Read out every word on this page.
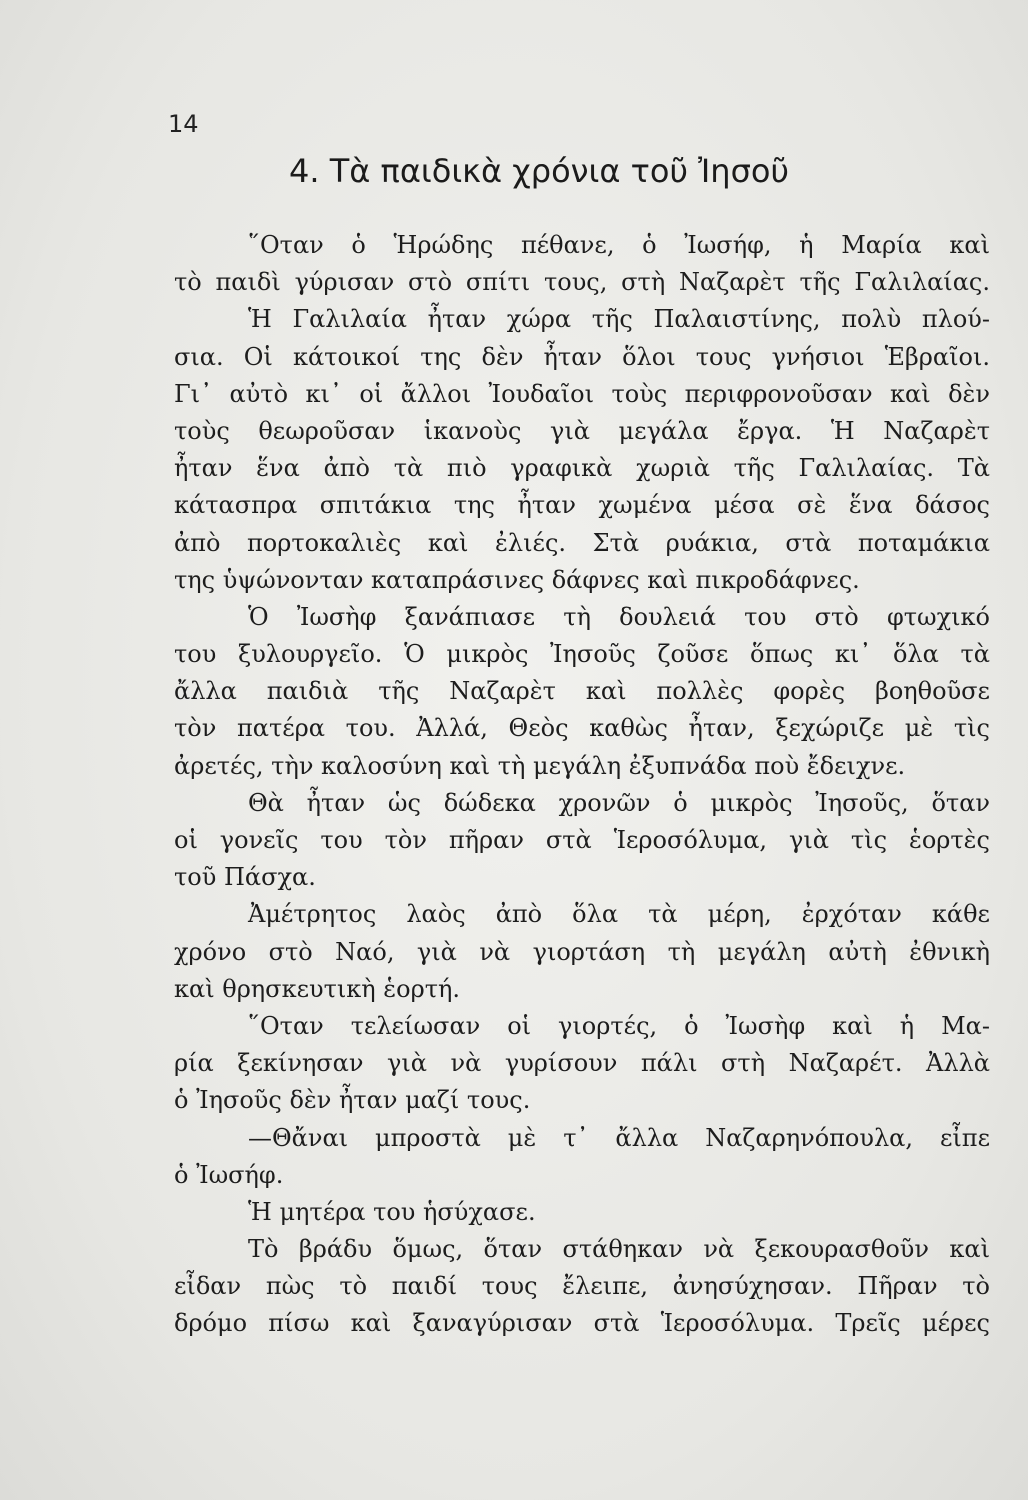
14
4. Τὰ παιδικὰ χρόνια τοῦ Ἰησοῦ
῞Οταν ὁ Ἡρώδης πέθανε, ὁ Ἰωσήφ, ἡ Μαρία καὶ
τὸ παιδὶ γύρισαν στὸ σπίτι τους, στὴ Ναζαρὲτ τῆς Γαλιλαίας.
Ἡ Γαλιλαία ἦταν χώρα τῆς Παλαιστίνης, πολὺ πλού-
σια. Οἱ κάτοικοί της δὲν ἦταν ὅλοι τους γνήσιοι Ἑβραῖοι.
Γι᾽ αὐτὸ κι᾽ οἱ ἄλλοι Ἰουδαῖοι τοὺς περιφρονοῦσαν καὶ δὲν
τοὺς θεωροῦσαν ἱκανοὺς γιὰ μεγάλα ἔργα. Ἡ Ναζαρὲτ
ἦταν ἕνα ἀπὸ τὰ πιὸ γραφικὰ χωριὰ τῆς Γαλιλαίας. Τὰ
κάτασπρα σπιτάκια της ἦταν χωμένα μέσα σὲ ἕνα δάσος
ἀπὸ πορτοκαλιὲς καὶ ἐλιές. Στὰ ρυάκια, στὰ ποταμάκια
της ὑψώνονταν καταπράσινες δάφνες καὶ πικροδάφνες.
Ὁ Ἰωσὴφ ξανάπιασε τὴ δουλειά του στὸ φτωχικό
του ξυλουργεῖο. Ὁ μικρὸς Ἰησοῦς ζοῦσε ὅπως κι᾽ ὅλα τὰ
ἄλλα παιδιὰ τῆς Ναζαρὲτ καὶ πολλὲς φορὲς βοηθοῦσε
τὸν πατέρα του. Ἀλλά, Θεὸς καθὼς ἦταν, ξεχώριζε μὲ τὶς
ἀρετές, τὴν καλοσύνη καὶ τὴ μεγάλη ἐξυπνάδα ποὺ ἔδειχνε.
Θὰ ἦταν ὡς δώδεκα χρονῶν ὁ μικρὸς Ἰησοῦς, ὅταν
οἱ γονεῖς του τὸν πῆραν στὰ Ἱεροσόλυμα, γιὰ τὶς ἑορτὲς
τοῦ Πάσχα.
Ἀμέτρητος λαὸς ἀπὸ ὅλα τὰ μέρη, ἐρχόταν κάθε
χρόνο στὸ Ναό, γιὰ νὰ γιορτάση τὴ μεγάλη αὐτὴ ἐθνικὴ
καὶ θρησκευτικὴ ἑορτή.
῞Οταν τελείωσαν οἱ γιορτές, ὁ Ἰωσὴφ καὶ ἡ Μα-
ρία ξεκίνησαν γιὰ νὰ γυρίσουν πάλι στὴ Ναζαρέτ. Ἀλλὰ
ὁ Ἰησοῦς δὲν ἦταν μαζί τους.
—Θἄναι μπροστὰ μὲ τ᾽ ἄλλα Ναζαρηνόπουλα, εἶπε
ὁ Ἰωσήφ.
Ἡ μητέρα του ἡσύχασε.
Τὸ βράδυ ὅμως, ὅταν στάθηκαν νὰ ξεκουρασθοῦν καὶ
εἶδαν πὼς τὸ παιδί τους ἔλειπε, ἀνησύχησαν. Πῆραν τὸ
δρόμο πίσω καὶ ξαναγύρισαν στὰ Ἱεροσόλυμα. Τρεῖς μέρες
